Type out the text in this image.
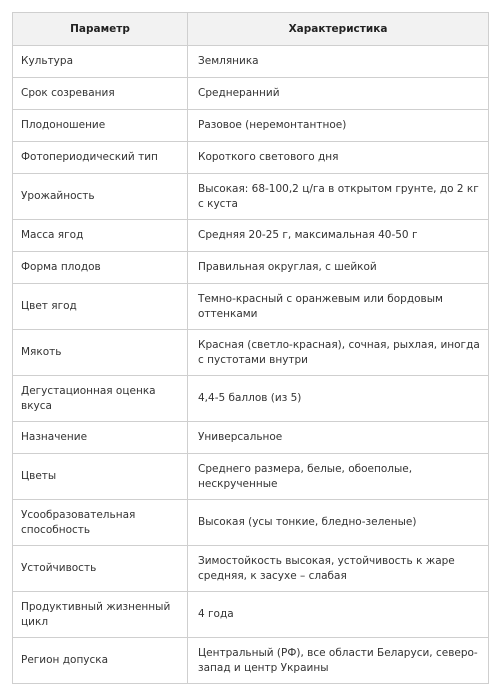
Параметр	Характеристика
Культура	Земляника
Срок созревания	Среднеранний
Плодоношение	Разовое (неремонтантное)
Фотопериодический тип	Короткого светового дня
Урожайность	Высокая: 68-100,2 ц/га в открытом грунте, до 2 кг с куста
Масса ягод	Средняя 20-25 г, максимальная 40-50 г
Форма плодов	Правильная округлая, с шейкой
Цвет ягод	Темно-красный с оранжевым или бордовым оттенками
Мякоть	Красная (светло-красная), сочная, рыхлая, иногда с пустотами внутри
Дегустационная оценка вкуса	4,4-5 баллов (из 5)
Назначение	Универсальное
Цветы	Среднего размера, белые, обоеполые, нескрученные
Усообразовательная способность	Высокая (усы тонкие, бледно-зеленые)
Устойчивость	Зимостойкость высокая, устойчивость к жаре средняя, к засухе – слабая
Продуктивный жизненный цикл	4 года
Регион допуска	Центральный (РФ), все области Беларуси, северо-запад и центр Украины
